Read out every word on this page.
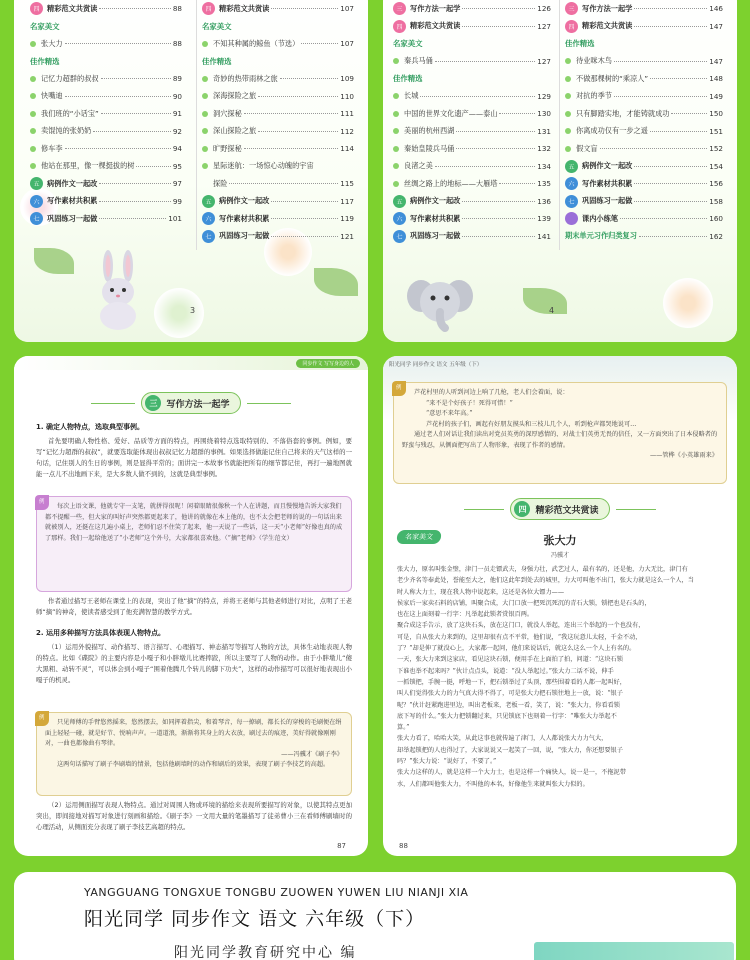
四	精彩范文共赏读	88
名家美文
张大力	88
佳作精选
记忆力超群的叔叔	89
快嘴迪	90
我们班的“小话宝”	91
卖馄饨的张奶奶	92
修车李	94
他站在那里，像一棵挺拔的树	95
五	病例作文一起改	97
六	写作素材共积累	99
七	巩固练习一起做	101
四	精彩范文共赏读	107
名家美文
不知其种属的鲸鱼（节选）	107
佳作精选
奇妙的热带雨林之旅	109
深海探险之旅	110
洞穴探秘	111
深山探险之旅	112
旷野探秘	114
星际迷航：一场惊心动魄的宇宙
探险	115
五	病例作文一起改	117
六	写作素材共积累	119
七	巩固练习一起做	121
3
三	写作方法一起学	126
四	精彩范文共赏读	127
名家美文
秦兵马俑	127
佳作精选
长城	129
中国的世界文化遗产——泰山	130
美丽的杭州西湖	131
秦始皇陵兵马俑	132
良渚之美	134
丝绸之路上的地标——大雁塔	135
五	病例作文一起改	136
六	写作素材共积累	139
七	巩固练习一起做	141
三	写作方法一起学	146
四	精彩范文共赏读	147
佳作精选
待业咪木鸟	147
不做那棵树的“乘凉人”	148
对抗的季节	149
只有脚踏实地，才能铸就成功	150
你离成功仅有一步之遥	151
假文盲	152
五	病例作文一起改	154
六	写作素材共积累	156
七	巩固练习一起做	158
课内小练笔	160
期末单元习作归类复习	162
4
同步作文 写写身边的人
三	写作方法一起学
1. 确定人物特点，选取典型事例。
首先要明确人物性格、爱好、品质等方面的特点，再围绕着特点选取特别的、不落俗套的事例。例如，要写“记忆力超群的叔叔”，就要选取能体现出叔叔记忆力超群的事例。如果选择做能记住自己将来的天气这样的一句话，记住别人的生日的事例，则是显得平常的；面讲完一本故事书就能把所有的细节都记住，再打一遍地图就能一点儿不出地画下来，是大多数人做不到的，这就是典型事例。
例
每次上语文课，他就专守一支笔，就拼得很呢！闲着眼睛很像秋一个人在讲题，而且慢慢地告诉大家我们都不提醒一些，但大家的叫好声突然都更起来了，他讲的就像在本上他的，也不太会把老师的说的一句话出来就被别人，还挺在这几遍小桌上，老师们忍不住笑了起来，他一天说了一些话，这一天“小老师”好像也真的成了那样。我们一起给他送了“小老师”这个外号，大家都很喜欢他。（“摘”老师》（学生范文）
作者通过描写王老师在课堂上的表现，突出了他“摘”的特点，并将王老师与其他老师进行对比，点明了王老师“摘”的神奇，使读者感受到了他充满智慧的教学方式。
2. 运用多种描写方法具体表现人物特点。
（1）运用外貌描写、动作描写、语言描写、心理描写、神态描写等描写人物的方法，具体生动地表现人物的特点。比如《碟院》的主要内容是小嘎子和小胖墩儿比赛摔跤，所以主要写了人物的动作。由于小胖墩儿“傻大黑粗、动转不灵”，可以体会到小嘎子“围着他腾几个转儿的脚下功夫”，这样的动作描写可以很好地表现出小嘎子的机灵。
例
只见师傅的手臂悠然摇来，悠然摆去，如同挥着指尖，和着琴音，每一撩刷，都长长的穿梭的毛刷便在绢面上轻轻一碰，就是好节、悦响声声。一道道浪，渐渐将其身上的大衣放，刷过去的痕迹，美好得就像刚刚对，一曲也都像曲有琴律。
——冯骥才《刷子李》
这两句话描写了刷子李刷墙的情景，包括他刷墙时的动作和刷后的效果，表现了刷子李技艺的高超。
（2）运用侧面描写表现人物特点。通过对周围人物或环境的描绘来表现所要描写的对象，以使其特点更加突出，即间接地对描写对象进行刻画和描绘。《刷子李》一文用大量的笔墨描写了徒弟曹小三在看师傅刷墙时的心理活动，从侧面充分表现了刷子李技艺高超的特点。
87
阳光同学 同步作文 语文 五年级（下）
例
芦花村里的人听到河边上响了几枪，老人们会着面，说：
“来不是个好孩子！死得可惜！”
“意思不来年高。”
芦花村的孩子们，画起有好朋友摸头和三枝儿几个人，听到枪声都哭地说可…
通过老人们对话让我们读出对党员英勇的深厚感情的、对战士们英勇无畏的信任，又一方面突出了日本侵略者的野蛮与残忍，从侧面把写出了人物形象，表现了作者的感情。
——管桦《小英雄雨来》
四	精彩范文共赏读
名家美文	张大力
冯骥才
张大力，原名叫张金璧，津门一员走镖武夫，身强力壮，武艺过人，最有名的，还是他，力大无比，津门有
老少齐名等奉此处，誉能至大之，他们这此年到处去的城里，力大可叫他不出门，张大力就是这么一个人，当
时人称大力士，现在我人物中说起来，这还是各位大镖力——
侯家后一家卖石料的店铺，叫聚合成，大门口放一把死沉死沉的青石大锁，锁把也是石头的，
也在这上面刻着一行字：凡举起此锁者赏银百两。
聚合成这手告示，放了这块石头，放在这门口，就没人举起，连出三个举起的一个也没有，
可是，自从张大力来到的，这里却很有点不平常，他们说，“我这玩意儿太轻，千金不动，
了？”却是伸了就没心上，大家都一起问，他们来说话后，就这么这么一个人上有名的。
一天，张大力来到这家店，看见这块石锁，便用手在上面拍了拍，问道：“这块石锁
下谁也举不起来吗？”伙计点点头，说道：“没人举起过。”张大力二话不说，伸手
一抓锁把，手腕一挺，呼地一下，把石锁举过了头顶，那些围着看的人都一起叫好，
叫人们觉得张大力的力气真大得不得了，可是张大力把石锁往地上一放，说：“银子
呢？”伙计赶紧跑进里边，叫出老板来，老板一看，笑了，说：“张大力，你看看锁
底下写的什么。”张大力把锁翻过来，只见锁底下也刻着一行字：“唯张大力举起不
算。”
张大力看了，哈哈大笑，从此这事也就传遍了津门，人人都说张大力力气大，
却举起锁把的人也得过了，大家说说又一起笑了一回，说，“张大力，你还想要银子
吗？”张大力说：“说好了，不要了。”
张大力这样的人，就是这样一个大力士，也是这样一个痛快人，说一是一，不拖泥带
水，人们都叫他张大力，不叫他的本名，好像他生来就叫张大力似的。
88
YANGGUANG TONGXUE TONGBU ZUOWEN YUWEN LIU NIANJI XIA
阳光同学 同步作文 语文 六年级（下）
阳光同学教育研究中心 编
